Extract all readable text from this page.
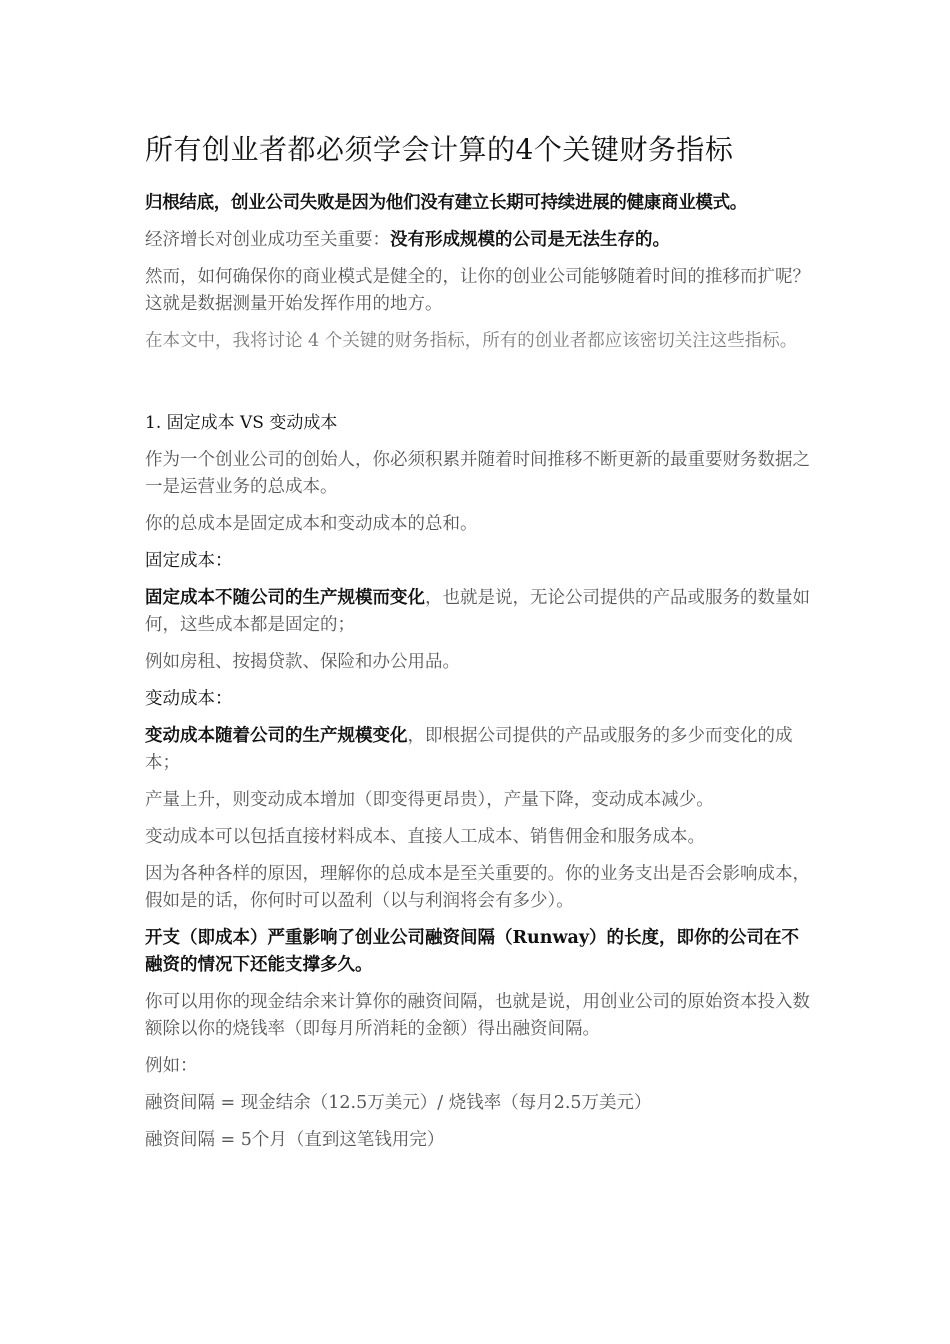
所有创业者都必须学会计算的4个关键财务指标

归根结底，创业公司失败是因为他们没有建立长期可持续进展的健康商业模式。

经济增长对创业成功至关重要：没有形成规模的公司是无法生存的。

然而，如何确保你的商业模式是健全的，让你的创业公司能够随着时间的推移而扩呢？这就是数据测量开始发挥作用的地方。

在本文中，我将讨论 4 个关键的财务指标，所有的创业者都应该密切关注这些指标。

1. 固定成本 VS 变动成本

作为一个创业公司的创始人，你必须积累并随着时间推移不断更新的最重要财务数据之一是运营业务的总成本。

你的总成本是固定成本和变动成本的总和。

固定成本：

固定成本不随公司的生产规模而变化，也就是说，无论公司提供的产品或服务的数量如何，这些成本都是固定的；

例如房租、按揭贷款、保险和办公用品。

变动成本：

变动成本随着公司的生产规模变化，即根据公司提供的产品或服务的多少而变化的成本；

产量上升，则变动成本增加（即变得更昂贵），产量下降，变动成本减少。

变动成本可以包括直接材料成本、直接人工成本、销售佣金和服务成本。

因为各种各样的原因，理解你的总成本是至关重要的。你的业务支出是否会影响成本，假如是的话，你何时可以盈利（以与利润将会有多少）。

开支（即成本）严重影响了创业公司融资间隔（Runway）的长度，即你的公司在不融资的情况下还能支撑多久。

你可以用你的现金结余来计算你的融资间隔，也就是说，用创业公司的原始资本投入数额除以你的烧钱率（即每月所消耗的金额）得出融资间隔。

例如：

融资间隔 = 现金结余（12.5万美元）/ 烧钱率（每月2.5万美元）

融资间隔 = 5个月（直到这笔钱用完）
